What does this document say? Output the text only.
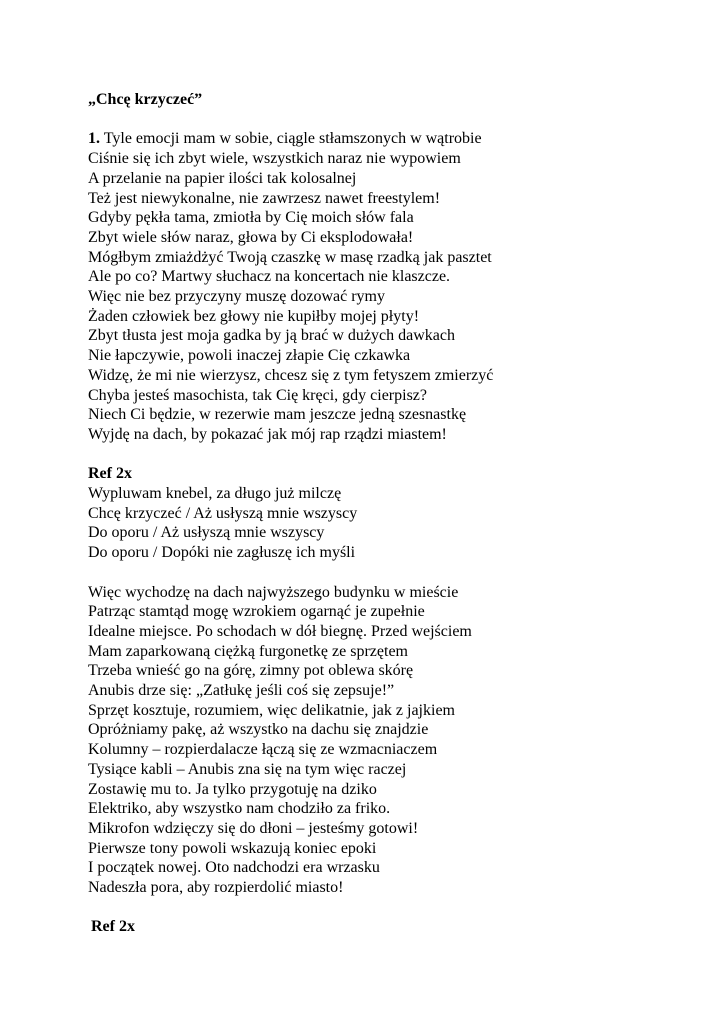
„Chcę krzyczeć”
1. Tyle emocji mam w sobie, ciągle stłamszonych w wątrobie
Ciśnie się ich zbyt wiele, wszystkich naraz nie wypowiem
A przelanie na papier ilości tak kolosalnej
Też jest niewykonalne, nie zawrzesz nawet freestylem!
Gdyby pękła tama, zmiotła by Cię moich słów fala
Zbyt wiele słów naraz, głowa by Ci eksplodowała!
Mógłbym zmiażdżyć Twoją czaszkę w masę rzadką jak pasztet
Ale po co? Martwy słuchacz na koncertach nie klaszcze.
Więc nie bez przyczyny muszę dozować rymy
Żaden człowiek bez głowy nie kupiłby mojej płyty!
Zbyt tłusta jest moja gadka by ją brać w dużych dawkach
Nie łapczywie, powoli inaczej złapie Cię czkawka
Widzę, że mi nie wierzysz, chcesz się z tym fetyszem zmierzyć
Chyba jesteś masochista, tak Cię kręci, gdy cierpisz?
Niech Ci będzie, w rezerwie mam jeszcze jedną szesnastkę
Wyjdę na dach, by pokazać jak mój rap rządzi miastem!
Ref 2x
Wypluwam knebel, za długo już milczę
Chcę krzyczeć / Aż usłyszą mnie wszyscy
Do oporu / Aż usłyszą mnie wszyscy
Do oporu / Dopóki nie zagłuszę ich myśli
Więc wychodzę na dach najwyższego budynku w mieście
Patrząc stamtąd mogę wzrokiem ogarnąć je zupełnie
Idealne miejsce. Po schodach w dół biegnę. Przed wejściem
Mam zaparkowaną ciężką furgonetkę ze sprzętem
Trzeba wnieść go na górę, zimny pot oblewa skórę
Anubis drze się: „Zatłukę jeśli coś się zepsuje!”
Sprzęt kosztuje, rozumiem, więc delikatnie, jak z jajkiem
Opróżniamy pakę, aż wszystko na dachu się znajdzie
Kolumny – rozpierdalacze łączą się ze wzmacniaczem
Tysiące kabli – Anubis zna się na tym więc raczej
Zostawię mu to. Ja tylko przygotuję na dziko
Elektriko, aby wszystko nam chodziło za friko.
Mikrofon wdzięczy się do dłoni – jesteśmy gotowi!
Pierwsze tony powoli wskazują koniec epoki
I początek nowej. Oto nadchodzi era wrzasku
Nadeszła pora, aby rozpierdolić miasto!
Ref 2x
